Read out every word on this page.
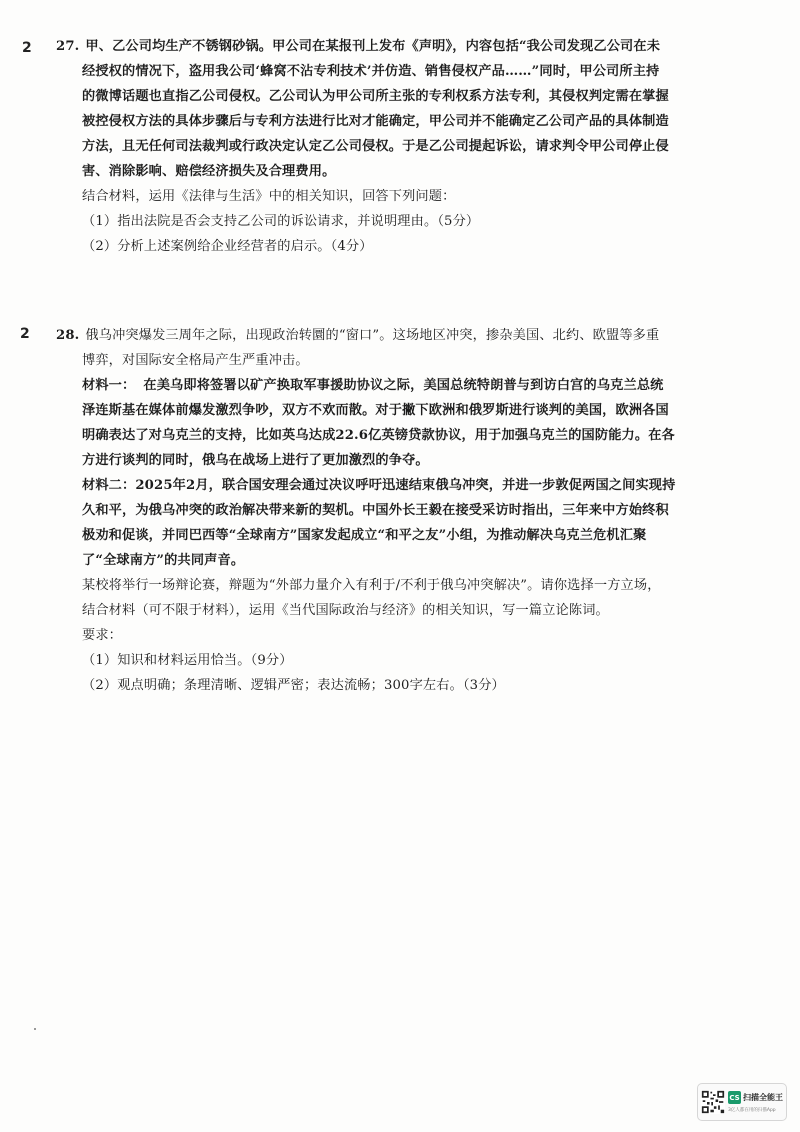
2
2
27. 甲、乙公司均生产不锈钢砂锅。甲公司在某报刊上发布《声明》，内容包括“我公司发现乙公司在未
经授权的情况下，盗用我公司‘蜂窝不沾专利技术’并仿造、销售侵权产品……”同时，甲公司所主持
的微博话题也直指乙公司侵权。乙公司认为甲公司所主张的专利权系方法专利，其侵权判定需在掌握
被控侵权方法的具体步骤后与专利方法进行比对才能确定，甲公司并不能确定乙公司产品的具体制造
方法，且无任何司法裁判或行政决定认定乙公司侵权。于是乙公司提起诉讼，请求判令甲公司停止侵
害、消除影响、赔偿经济损失及合理费用。
结合材料，运用《法律与生活》中的相关知识，回答下列问题：
（1）指出法院是否会支持乙公司的诉讼请求，并说明理由。（5分）
（2）分析上述案例给企业经营者的启示。（4分）
28. 俄乌冲突爆发三周年之际，出现政治转圜的“窗口”。这场地区冲突，掺杂美国、北约、欧盟等多重
博弈，对国际安全格局产生严重冲击。
材料一： 在美乌即将签署以矿产换取军事援助协议之际，美国总统特朗普与到访白宫的乌克兰总统
泽连斯基在媒体前爆发激烈争吵，双方不欢而散。对于撇下欧洲和俄罗斯进行谈判的美国，欧洲各国
明确表达了对乌克兰的支持，比如英乌达成22.6亿英镑贷款协议，用于加强乌克兰的国防能力。在各
方进行谈判的同时，俄乌在战场上进行了更加激烈的争夺。
材料二：2025年2月，联合国安理会通过决议呼吁迅速结束俄乌冲突，并进一步敦促两国之间实现持
久和平，为俄乌冲突的政治解决带来新的契机。中国外长王毅在接受采访时指出，三年来中方始终积
极劝和促谈，并同巴西等“全球南方”国家发起成立“和平之友”小组，为推动解决乌克兰危机汇聚
了“全球南方”的共同声音。
某校将举行一场辩论赛，辩题为“外部力量介入有利于/不利于俄乌冲突解决”。请你选择一方立场，
结合材料（可不限于材料），运用《当代国际政治与经济》的相关知识，写一篇立论陈词。
要求：
（1）知识和材料运用恰当。（9分）
（2）观点明确；条理清晰、逻辑严密；表达流畅；300字左右。（3分）
CS 扫描全能王
3亿人都在用的扫描App
